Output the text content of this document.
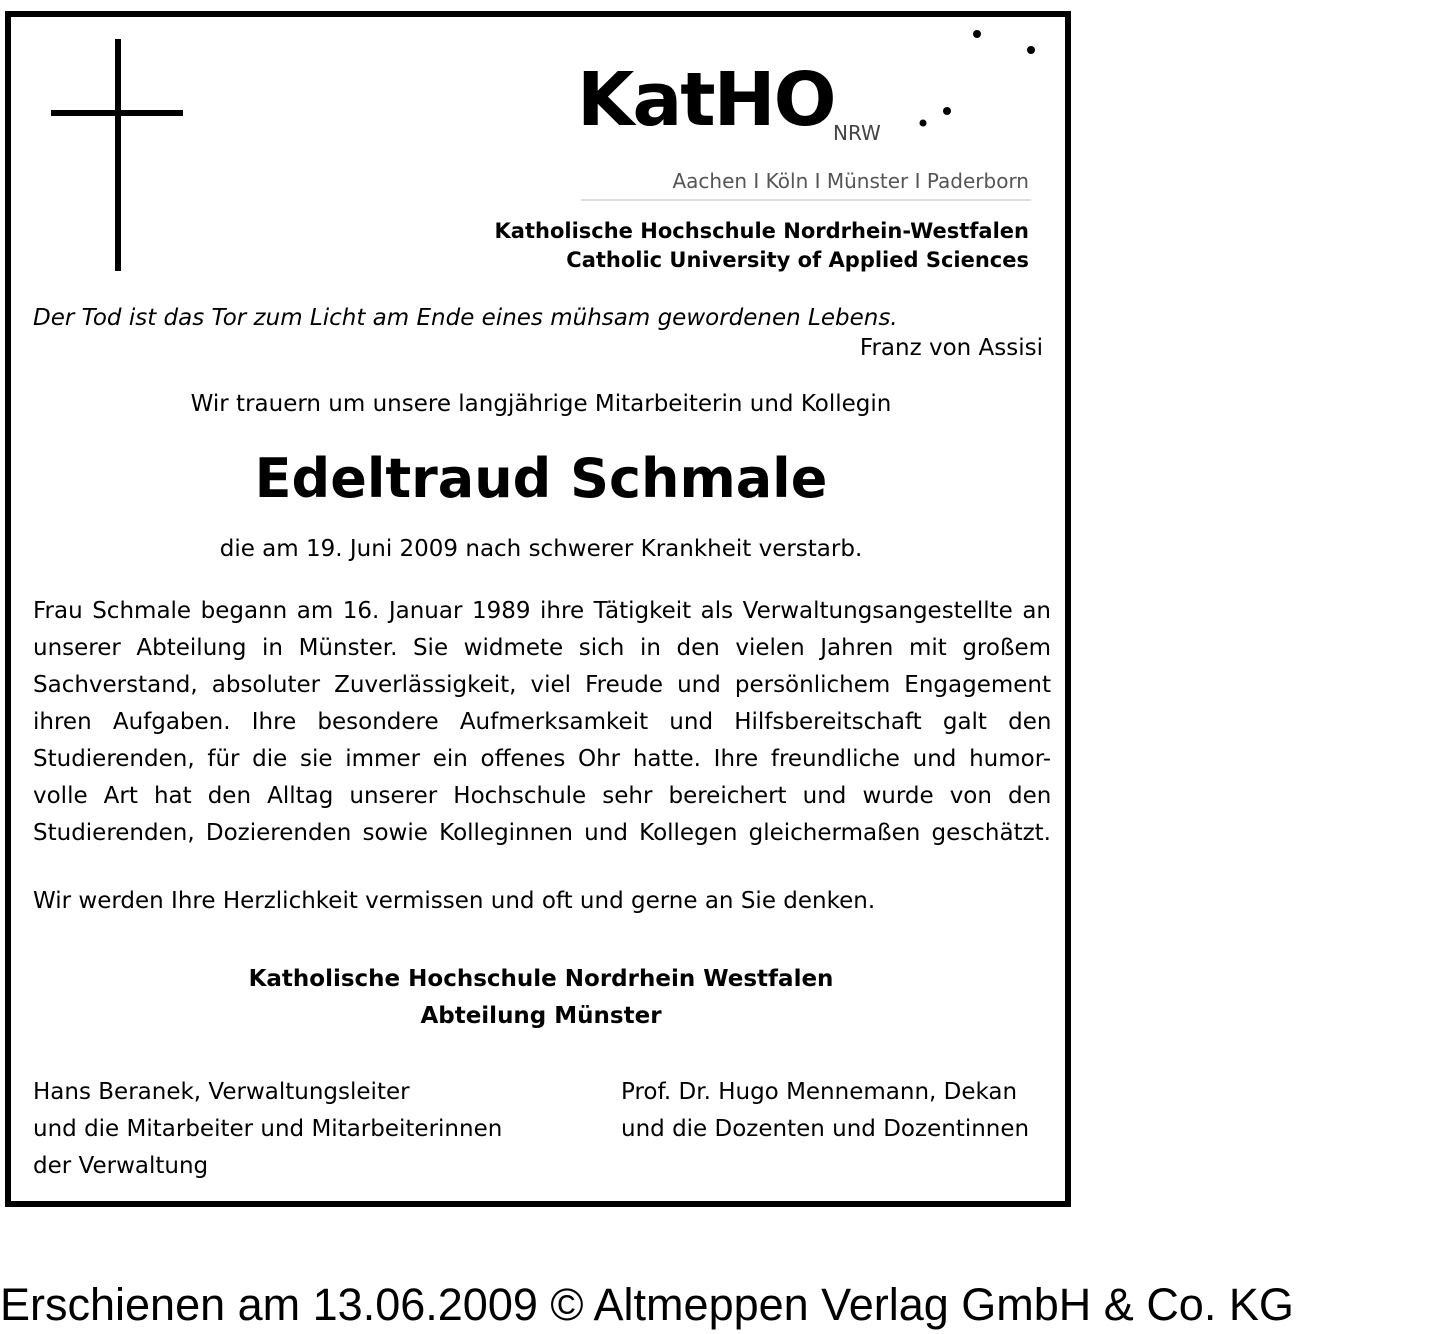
KatHO
NRW
Aachen I Köln I Münster I Paderborn
Katholische Hochschule Nordrhein-Westfalen
Catholic University of Applied Sciences
Der Tod ist das Tor zum Licht am Ende eines mühsam gewordenen Lebens.
Franz von Assisi
Wir trauern um unsere langjährige Mitarbeiterin und Kollegin
Edeltraud Schmale
die am 19. Juni 2009 nach schwerer Krankheit verstarb.
Frau Schmale begann am 16. Januar 1989 ihre Tätigkeit als Verwaltungsangestellte an
unserer Abteilung in Münster. Sie widmete sich in den vielen Jahren mit großem
Sachverstand, absoluter Zuverlässigkeit, viel Freude und persönlichem Engagement
ihren Aufgaben. Ihre besondere Aufmerksamkeit und Hilfsbereitschaft galt den
Studierenden, für die sie immer ein offenes Ohr hatte. Ihre freundliche und humor-
volle Art hat den Alltag unserer Hochschule sehr bereichert und wurde von den
Studierenden, Dozierenden sowie Kolleginnen und Kollegen gleichermaßen geschätzt.
Wir werden Ihre Herzlichkeit vermissen und oft und gerne an Sie denken.
Katholische Hochschule Nordrhein Westfalen
Abteilung Münster
Hans Beranek, Verwaltungsleiter
und die Mitarbeiter und Mitarbeiterinnen
der Verwaltung
Prof. Dr. Hugo Mennemann, Dekan
und die Dozenten und Dozentinnen
Erschienen am 13.06.2009 © Altmeppen Verlag GmbH & Co. KG
